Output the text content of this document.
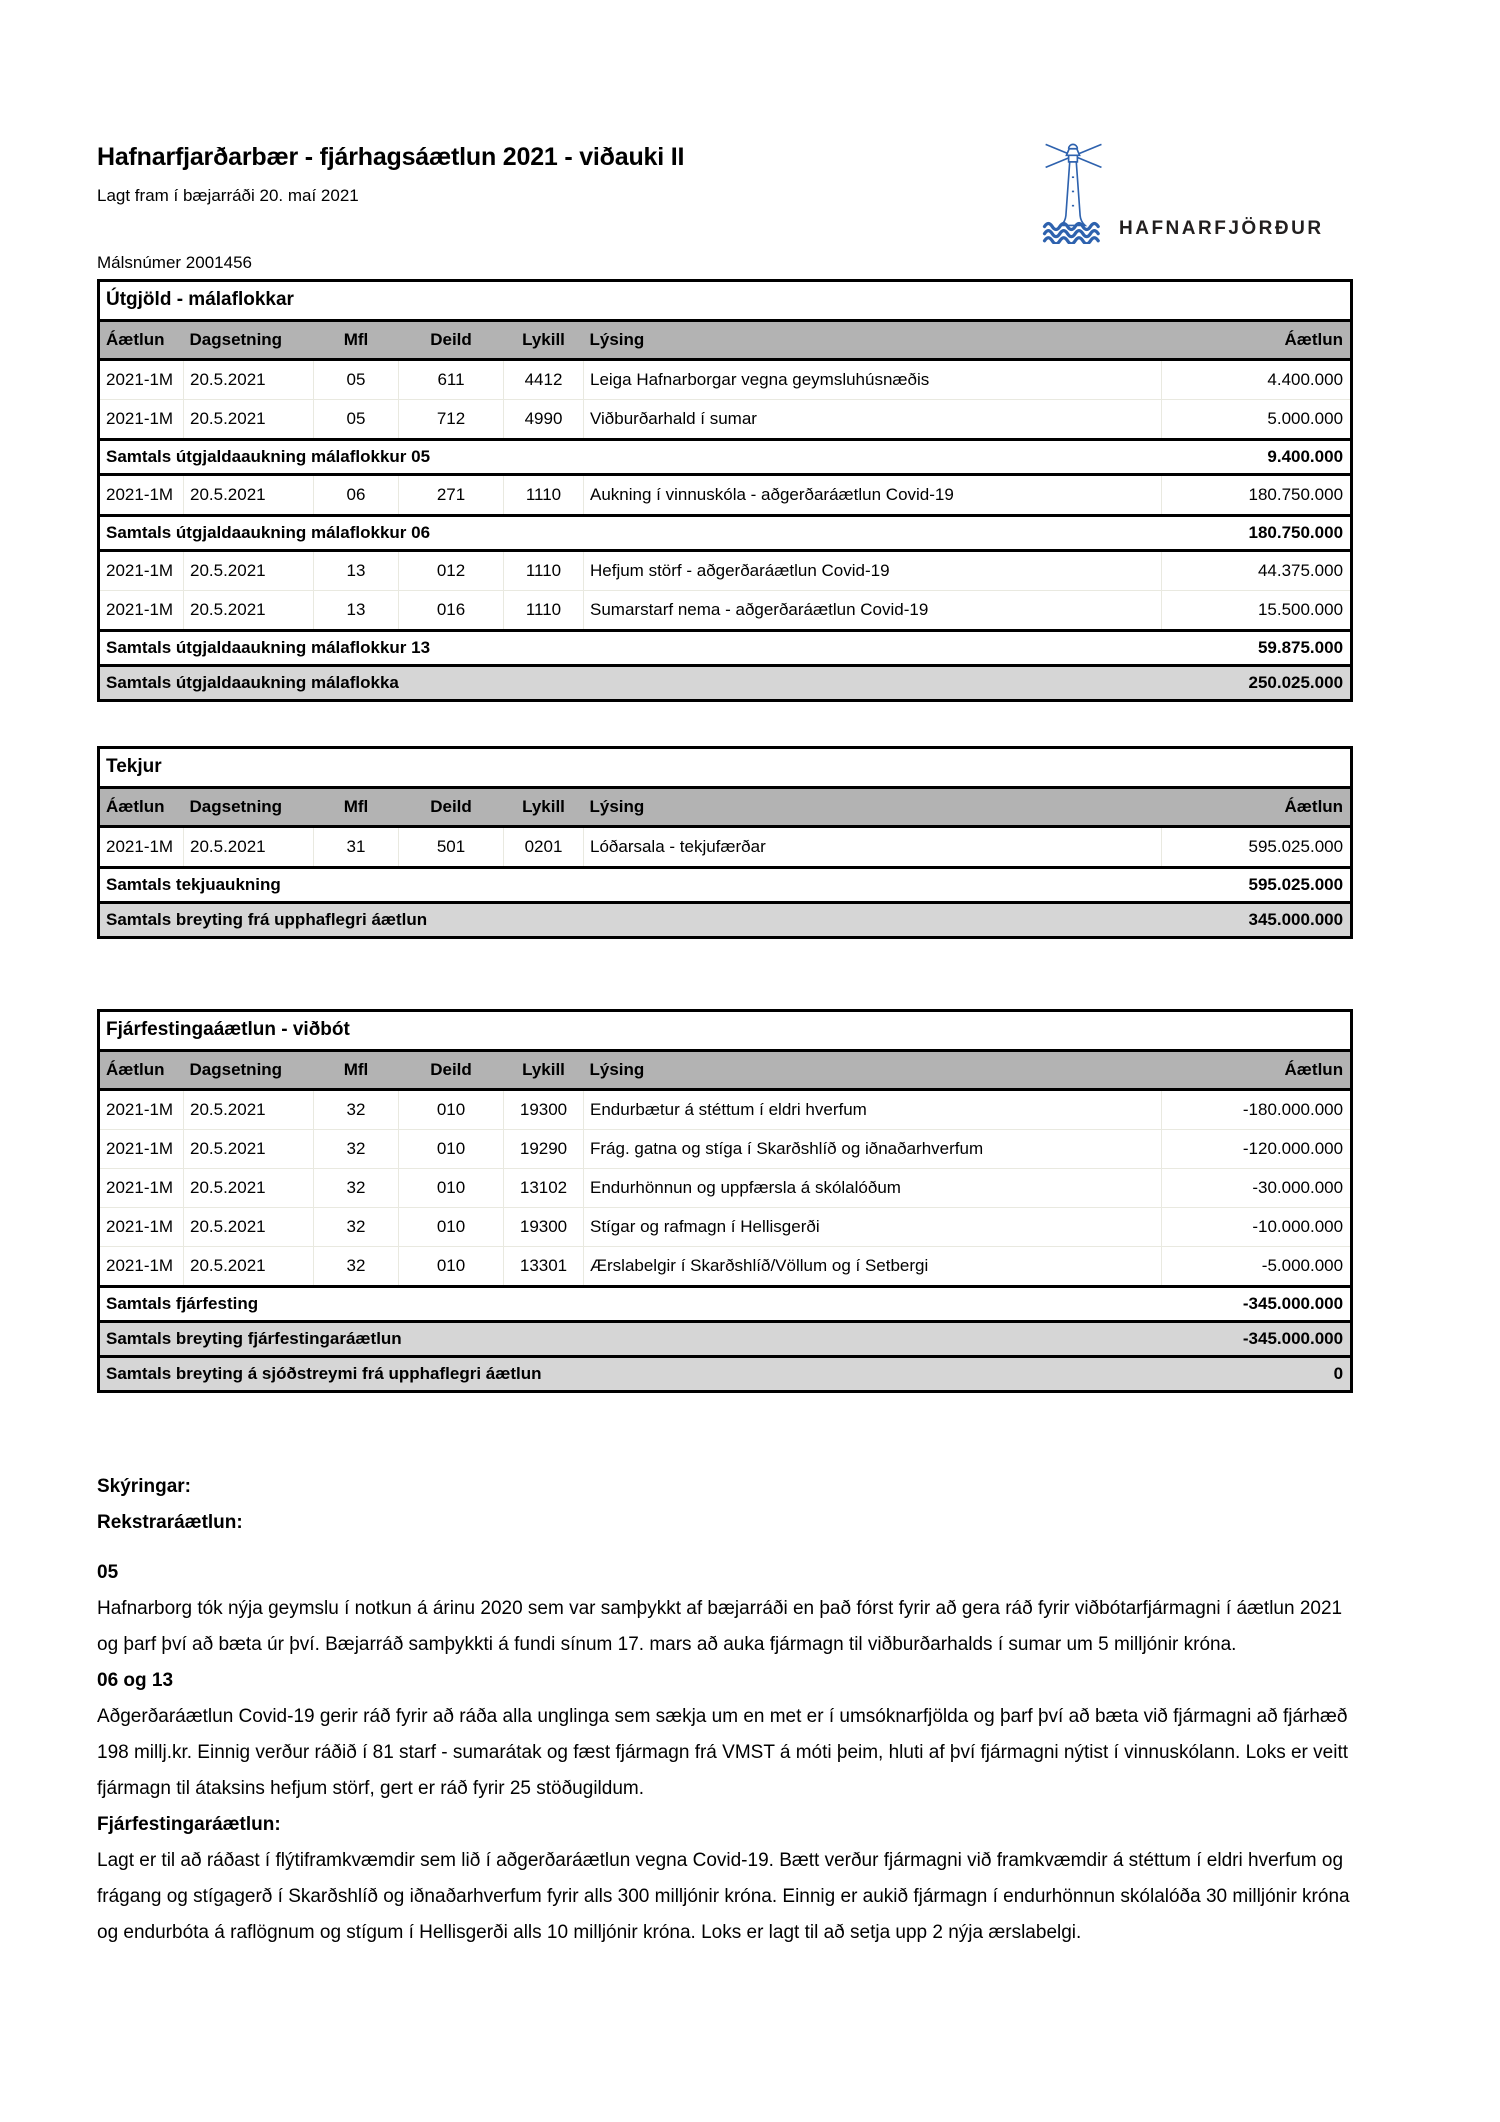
Hafnarfjarðarbær - fjárhagsáætlun 2021 - viðauki II

Lagt fram í bæjarráði 20. maí 2021

HAFNARFJÖRÐUR

Málsnúmer 2001456

Útgjöld - málaflokkar						
Áætlun	Dagsetning	Mfl	Deild	Lykill	Lýsing	Áætlun
2021-1M	20.5.2021	05	611	4412	Leiga Hafnarborgar vegna geymsluhúsnæðis	4.400.000
2021-1M	20.5.2021	05	712	4990	Viðburðarhald í sumar	5.000.000
Samtals útgjaldaaukning málaflokkur 05						9.400.000
2021-1M	20.5.2021	06	271	1110	Aukning í vinnuskóla - aðgerðaráætlun Covid-19	180.750.000
Samtals útgjaldaaukning málaflokkur 06						180.750.000
2021-1M	20.5.2021	13	012	1110	Hefjum störf - aðgerðaráætlun Covid-19	44.375.000
2021-1M	20.5.2021	13	016	1110	Sumarstarf nema - aðgerðaráætlun Covid-19	15.500.000
Samtals útgjaldaaukning málaflokkur 13						59.875.000
Samtals útgjaldaaukning málaflokka						250.025.000
Tekjur						
Áætlun	Dagsetning	Mfl	Deild	Lykill	Lýsing	Áætlun
2021-1M	20.5.2021	31	501	0201	Lóðarsala - tekjufærðar	595.025.000
Samtals tekjuaukning						595.025.000
Samtals breyting frá upphaflegri áætlun						345.000.000
Fjárfestingaáætlun - viðbót						
Áætlun	Dagsetning	Mfl	Deild	Lykill	Lýsing	Áætlun
2021-1M	20.5.2021	32	010	19300	Endurbætur á stéttum í eldri hverfum	-180.000.000
2021-1M	20.5.2021	32	010	19290	Frág. gatna og stíga í Skarðshlíð og iðnaðarhverfum	-120.000.000
2021-1M	20.5.2021	32	010	13102	Endurhönnun og uppfærsla á skólalóðum	-30.000.000
2021-1M	20.5.2021	32	010	19300	Stígar og rafmagn í Hellisgerði	-10.000.000
2021-1M	20.5.2021	32	010	13301	Ærslabelgir í Skarðshlíð/Völlum og í Setbergi	-5.000.000
Samtals fjárfesting						-345.000.000
Samtals breyting fjárfestingaráætlun						-345.000.000
Samtals breyting á sjóðstreymi frá upphaflegri áætlun						0

Skýringar:

Rekstraráætlun:

05

Hafnarborg tók nýja geymslu í notkun á árinu 2020 sem var samþykkt af bæjarráði en það fórst fyrir að gera ráð fyrir viðbótarfjármagni í áætlun 2021 og þarf því að bæta úr því. Bæjarráð samþykkti á fundi sínum 17. mars að auka fjármagn til viðburðarhalds í sumar um 5 milljónir króna.

06 og 13

Aðgerðaráætlun Covid-19 gerir ráð fyrir að ráða alla unglinga sem sækja um en met er í umsóknarfjölda og þarf því að bæta við fjármagni að fjárhæð 198 millj.kr. Einnig verður ráðið í 81 starf - sumarátak og fæst fjármagn frá VMST á móti þeim, hluti af því fjármagni nýtist í vinnuskólann. Loks er veitt fjármagn til átaksins hefjum störf, gert er ráð fyrir 25 stöðugildum.

Fjárfestingaráætlun:

Lagt er til að ráðast í flýtiframkvæmdir sem lið í aðgerðaráætlun vegna Covid-19. Bætt verður fjármagni við framkvæmdir á stéttum í eldri hverfum og frágang og stígagerð í Skarðshlíð og iðnaðarhverfum fyrir alls 300 milljónir króna. Einnig er aukið fjármagn í endurhönnun skólalóða 30 milljónir króna og endurbóta á raflögnum og stígum í Hellisgerði alls 10 milljónir króna. Loks er lagt til að setja upp 2 nýja ærslabelgi.
